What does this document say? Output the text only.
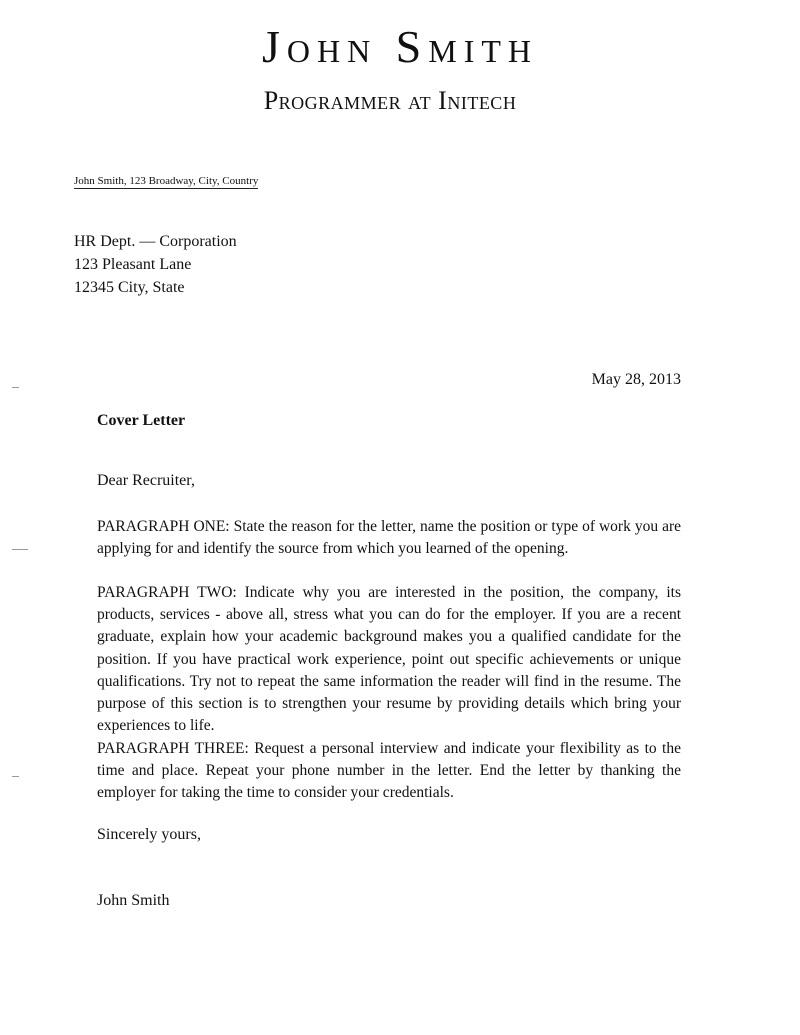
John Smith
Programmer at Initech
John Smith, 123 Broadway, City, Country
HR Dept. — Corporation
123 Pleasant Lane
12345 City, State
May 28, 2013
Cover Letter
Dear Recruiter,

PARAGRAPH ONE: State the reason for the letter, name the position or type of work you are applying for and identify the source from which you learned of the opening.

PARAGRAPH TWO: Indicate why you are interested in the position, the company, its products, services - above all, stress what you can do for the employer. If you are a recent graduate, explain how your academic background makes you a qualified candidate for the position. If you have practical work experience, point out specific achievements or unique qualifications. Try not to repeat the same information the reader will find in the resume. The purpose of this section is to strengthen your resume by providing details which bring your experiences to life.

PARAGRAPH THREE: Request a personal interview and indicate your flexibility as to the time and place. Repeat your phone number in the letter. End the letter by thanking the employer for taking the time to consider your credentials.

Sincerely yours,
John Smith
